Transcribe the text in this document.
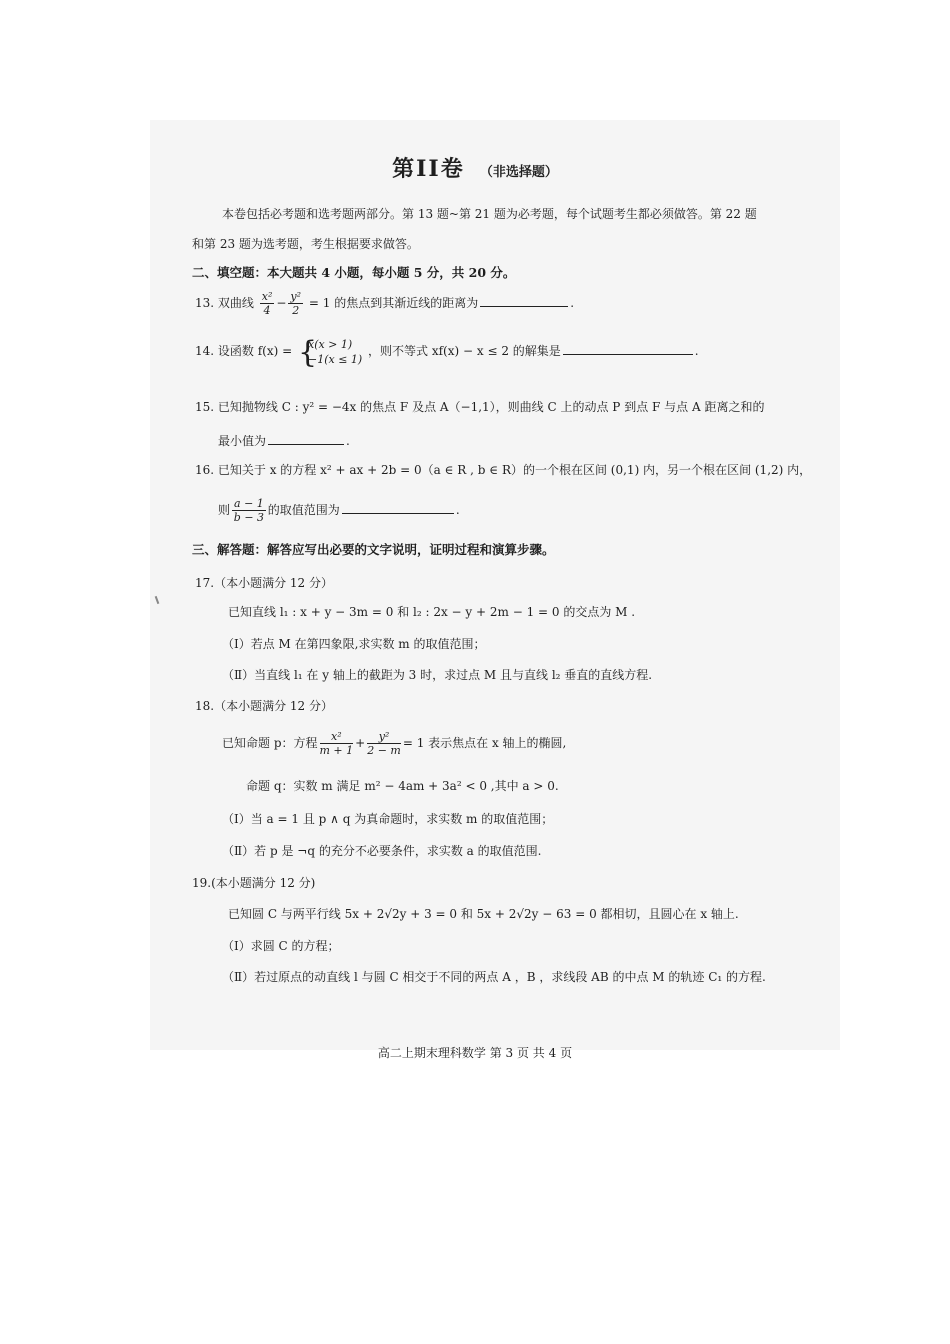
第II卷 （非选择题）
本卷包括必考题和选考题两部分。第 13 题~第 21 题为必考题，每个试题考生都必须做答。第 22 题
和第 23 题为选考题，考生根据要求做答。
二、填空题：本大题共 4 小题，每小题 5 分，共 20 分。
13. 双曲线 $\frac{\text{x²}}{4} - \frac{\text{y²}}{2} = 1$ 的焦点到其渐近线的距离为	.
14. 设函数 f(x) = {
x(x > 1)
−1(x ≤ 1)
，则不等式 xf(x) − x ≤ 2 的解集是	.
15. 已知抛物线 C : y² = −4x 的焦点 F 及点 A（−1,1），则曲线 C 上的动点 P 到点 F 与点 A 距离之和的
最小值为	.
16. 已知关于 x 的方程 x² + ax + 2b = 0（a ∈ R , b ∈ R）的一个根在区间 (0,1) 内，另一个根在区间 (1,2) 内，
则 $\frac{a - 1}{b - 3}$ 的取值范围为	.
三、解答题：解答应写出必要的文字说明，证明过程和演算步骤。
17.（本小题满分 12 分）
已知直线 l₁ : x + y − 3m = 0 和 l₂ : 2x − y + 2m − 1 = 0 的交点为 M .
（Ⅰ）若点 M 在第四象限,求实数 m 的取值范围；
（Ⅱ）当直线 l₁ 在 y 轴上的截距为 3 时，求过点 M 且与直线 l₂ 垂直的直线方程.
18.（本小题满分 12 分）
已知命题 p：方程 $\frac{\text{x²}}{m + 1} + \frac{\text{y²}}{2 - m} = 1$ 表示焦点在 x 轴上的椭圆,
命题 q：实数 m 满足 m² − 4am + 3a² < 0 ,其中 a > 0.
（Ⅰ）当 a = 1 且 p ∧ q 为真命题时，求实数 m 的取值范围；
（Ⅱ）若 p 是 ¬q 的充分不必要条件，求实数 a 的取值范围.
19.(本小题满分 12 分)
已知圆 C 与两平行线 5x + 2√2y + 3 = 0 和 5x + 2√2y − 63 = 0 都相切，且圆心在 x 轴上.
（Ⅰ）求圆 C 的方程；
（Ⅱ）若过原点的动直线 l 与圆 C 相交于不同的两点 A ，B ，求线段 AB 的中点 M 的轨迹 C₁ 的方程.
高二上期末理科数学 第 3 页 共 4 页
